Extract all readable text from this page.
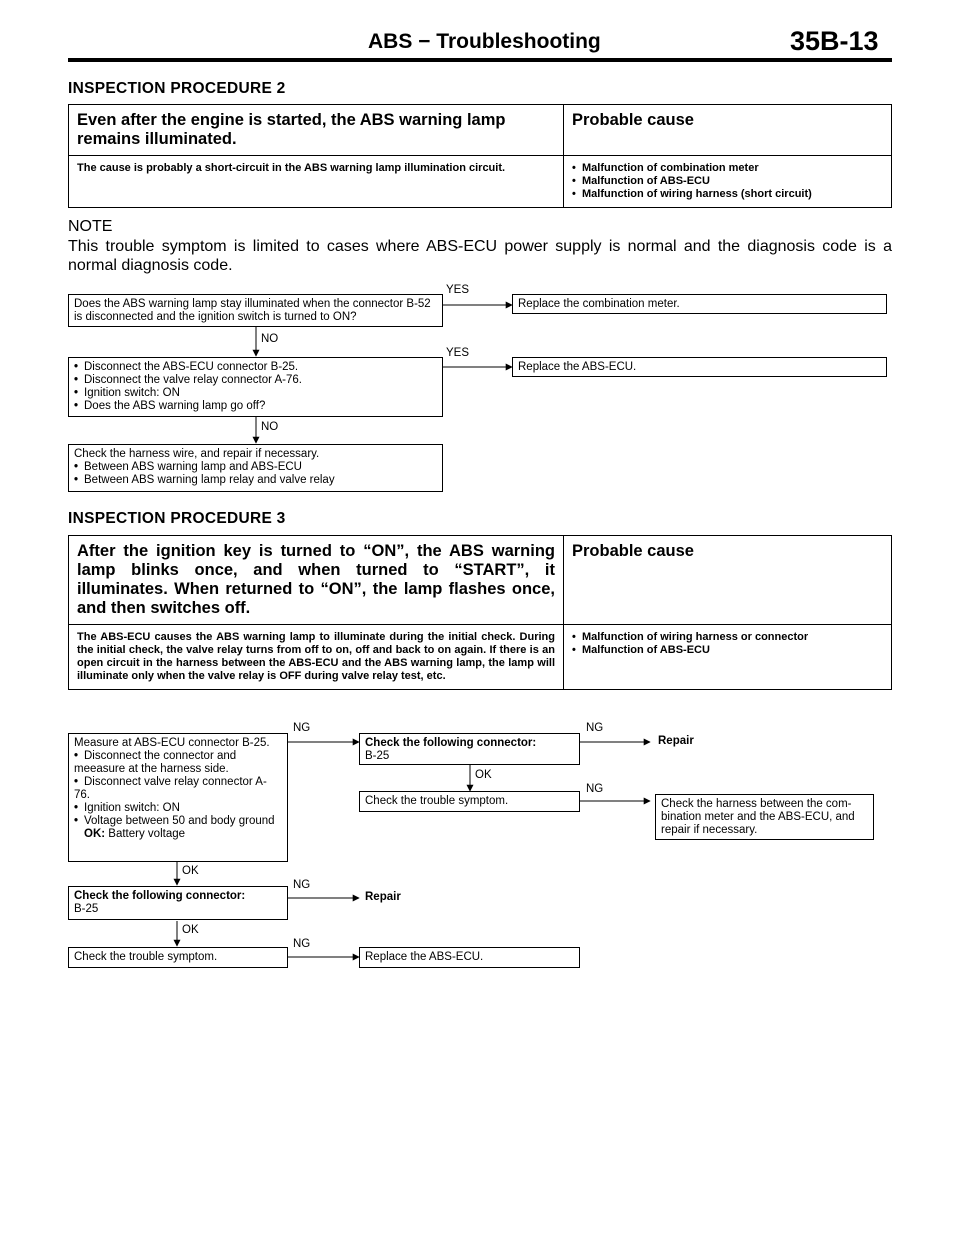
ABS − Troubleshooting	35B-13
INSPECTION PROCEDURE 2
Even after the engine is started, the ABS warning lamp remains illuminated.	Probable cause
The cause is probably a short-circuit in the ABS warning lamp illumination circuit.	• Malfunction of combination meter
• Malfunction of ABS-ECU
• Malfunction of wiring harness (short circuit)
NOTE
This trouble symptom is limited to cases where ABS-ECU power supply is normal and the diagnosis code is a normal diagnosis code.
Does the ABS warning lamp stay illuminated when the connector B-52 is disconnected and the ignition switch is turned to ON?
YES
Replace the combination meter.
NO
• Disconnect the ABS-ECU connector B-25.
• Disconnect the valve relay connector A-76.
• Ignition switch: ON
• Does the ABS warning lamp go off?
YES
Replace the ABS-ECU.
NO
Check the harness wire, and repair if necessary.
• Between ABS warning lamp and ABS-ECU
• Between ABS warning lamp relay and valve relay
INSPECTION PROCEDURE 3
After the ignition key is turned to “ON”, the ABS warning lamp blinks once, and when turned to “START”, it illuminates. When returned to “ON”, the lamp flashes once, and then switches off.	Probable cause
The ABS-ECU causes the ABS warning lamp to illuminate during the initial check. During the initial check, the valve relay turns from off to on, off and back to on again. If there is an open circuit in the harness between the ABS-ECU and the ABS warning lamp, the lamp will illuminate only when the valve relay is OFF during valve relay test, etc.	• Malfunction of wiring harness or connector
• Malfunction of ABS-ECU
Measure at ABS-ECU connector B-25.
• Disconnect the connector and meeasure at the harness side.
• Disconnect valve relay connector A-76.
• Ignition switch: ON
• Voltage between 50 and body ground
OK: Battery voltage
NG
Check the following connector:
B-25
NG
Repair
OK
Check the trouble symptom.
NG
Check the harness between the com-bination meter and the ABS-ECU, and repair if necessary.
OK
Check the following connector:
B-25
NG
Repair
OK
Check the trouble symptom.
NG
Replace the ABS-ECU.
